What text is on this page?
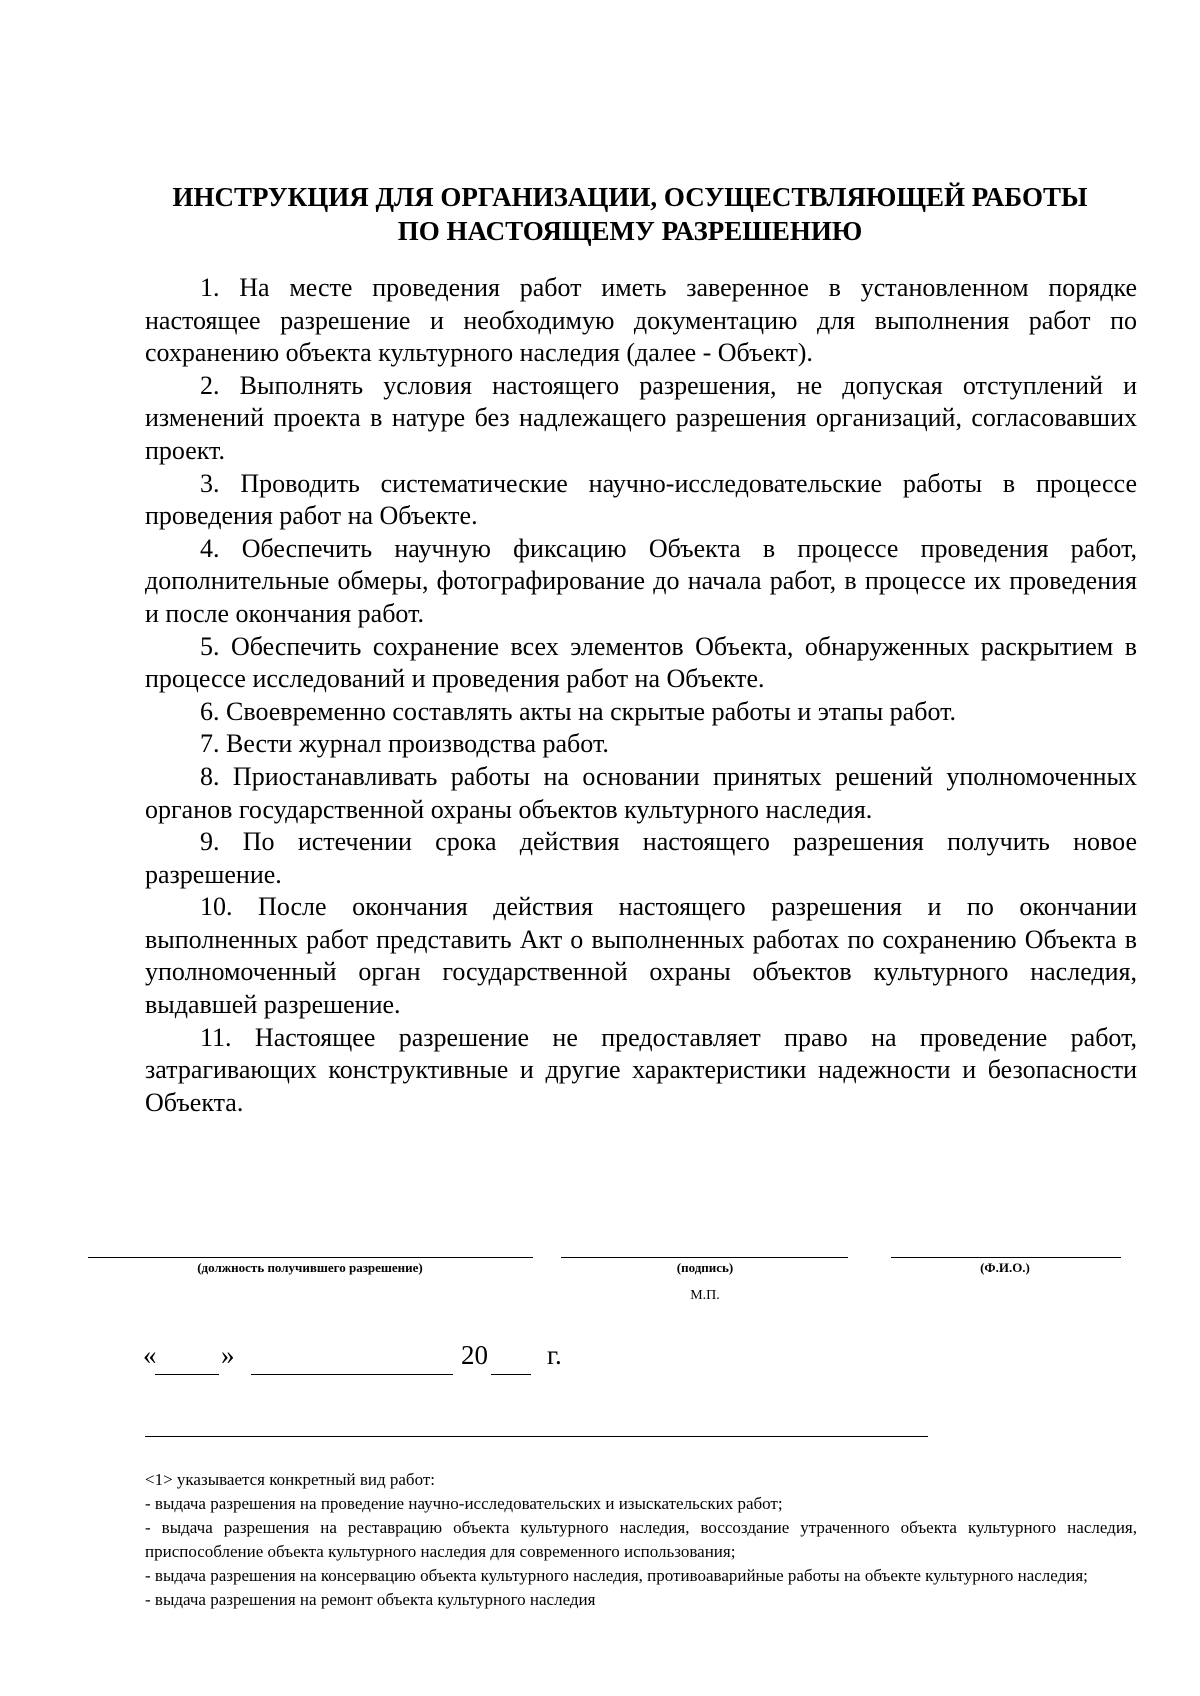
ИНСТРУКЦИЯ ДЛЯ ОРГАНИЗАЦИИ, ОСУЩЕСТВЛЯЮЩЕЙ РАБОТЫ
ПО НАСТОЯЩЕМУ РАЗРЕШЕНИЮ

1. На месте проведения работ иметь заверенное в установленном порядке настоящее разрешение и необходимую документацию для выполнения работ по сохранению объекта культурного наследия (далее - Объект).

2. Выполнять условия настоящего разрешения, не допуская отступлений и изменений проекта в натуре без надлежащего разрешения организаций, согласовавших проект.

3. Проводить систематические научно-исследовательские работы в процессе проведения работ на Объекте.

4. Обеспечить научную фиксацию Объекта в процессе проведения работ, дополнительные обмеры, фотографирование до начала работ, в процессе их проведения и после окончания работ.

5. Обеспечить сохранение всех элементов Объекта, обнаруженных раскрытием в процессе исследований и проведения работ на Объекте.

6. Своевременно составлять акты на скрытые работы и этапы работ.

7. Вести журнал производства работ.

8. Приостанавливать работы на основании принятых решений уполномоченных органов государственной охраны объектов культурного наследия.

9. По истечении срока действия настоящего разрешения получить новое разрешение.

10. После окончания действия настоящего разрешения и по окончании выполненных работ представить Акт о выполненных работах по сохранению Объекта в уполномоченный орган государственной охраны объектов культурного наследия, выдавшей разрешение.

11. Настоящее разрешение не предоставляет право на проведение работ, затрагивающих конструктивные и другие характеристики надежности и безопасности Объекта.

(должность получившего разрешение)	(подпись)	(Ф.И.О.)
М.П.
« »	20 г.

<1> указывается конкретный вид работ:

- выдача разрешения на проведение научно-исследовательских и изыскательских работ;

- выдача разрешения на реставрацию объекта культурного наследия, воссоздание утраченного объекта культурного наследия, приспособление объекта культурного наследия для современного использования;

- выдача разрешения на консервацию объекта культурного наследия, противоаварийные работы на объекте культурного наследия;

- выдача разрешения на ремонт объекта культурного наследия
